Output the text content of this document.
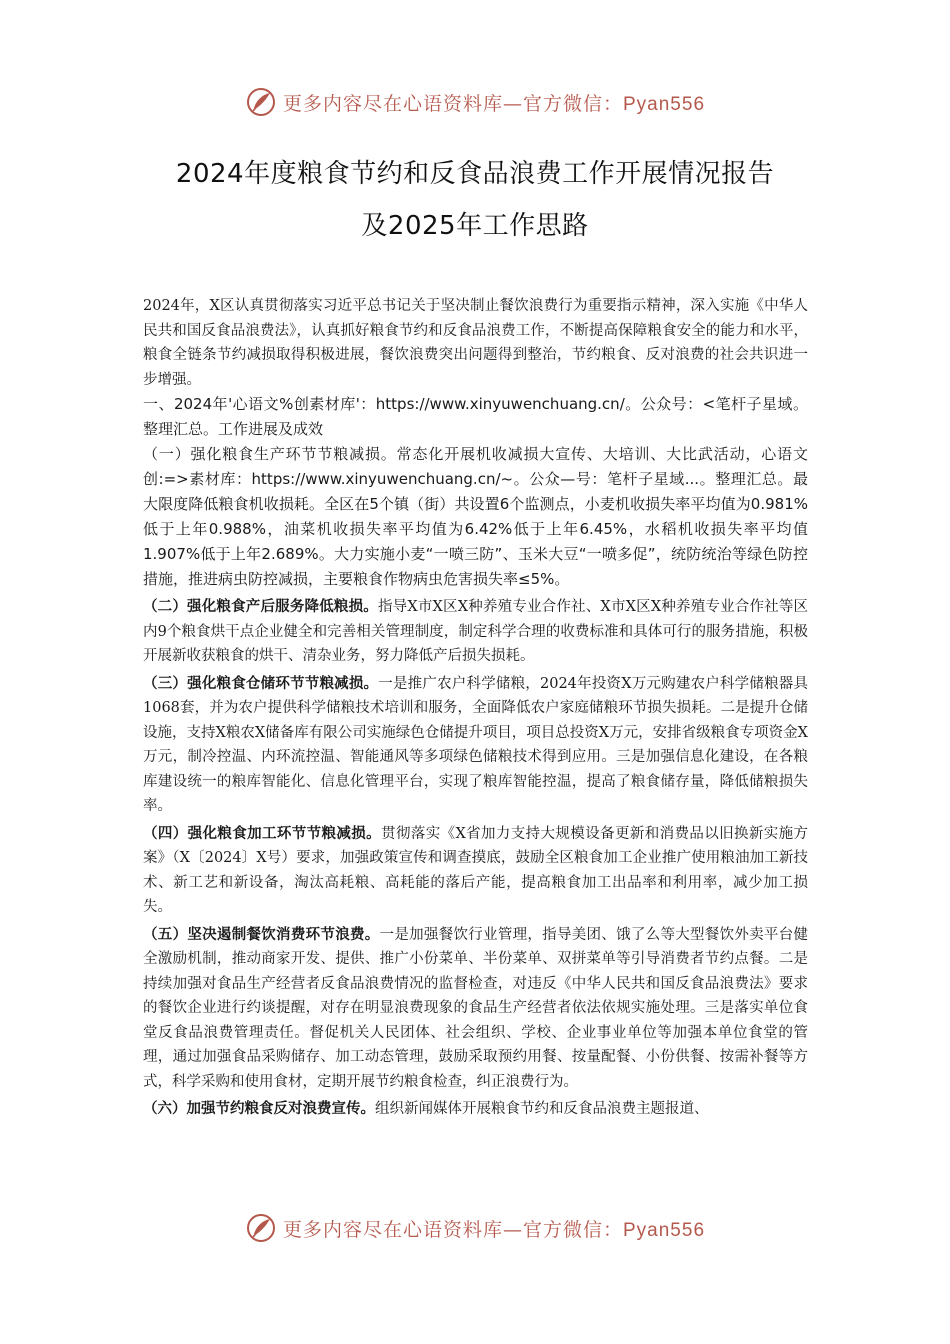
更多内容尽在心语资料库—官方微信：Pyan556
2024年度粮食节约和反食品浪费工作开展情况报告
及2025年工作思路

2024年，X区认真贯彻落实习近平总书记关于坚决制止餐饮浪费行为重要指示精神，深入实施《中华人民共和国反食品浪费法》，认真抓好粮食节约和反食品浪费工作，不断提高保障粮食安全的能力和水平，粮食全链条节约减损取得积极进展，餐饮浪费突出问题得到整治，节约粮食、反对浪费的社会共识进一步增强。

一、2024年'心语文%创素材库'：https://www.xinyuwenchuang.cn/。公众号：<笔杆子星域。整理汇总。工作进展及成效

（一）强化粮食生产环节节粮减损。常态化开展机收减损大宣传、大培训、大比武活动，心语文创:=>素材库：https://www.xinyuwenchuang.cn/~。公众—号：笔杆子星域...。整理汇总。最大限度降低粮食机收损耗。全区在5个镇（街）共设置6个监测点，小麦机收损失率平均值为0.981%低于上年0.988%，油菜机收损失率平均值为6.42%低于上年6.45%，水稻机收损失率平均值1.907%低于上年2.689%。大力实施小麦“一喷三防”、玉米大豆“一喷多促”，统防统治等绿色防控措施，推进病虫防控减损，主要粮食作物病虫危害损失率≤5%。

（二）强化粮食产后服务降低粮损。指导X市X区X种养殖专业合作社、X市X区X种养殖专业合作社等区内9个粮食烘干点企业健全和完善相关管理制度，制定科学合理的收费标准和具体可行的服务措施，积极开展新收获粮食的烘干、清杂业务，努力降低产后损失损耗。

（三）强化粮食仓储环节节粮减损。一是推广农户科学储粮，2024年投资X万元购建农户科学储粮器具1068套，并为农户提供科学储粮技术培训和服务，全面降低农户家庭储粮环节损失损耗。二是提升仓储设施，支持X粮农X储备库有限公司实施绿色仓储提升项目，项目总投资X万元，安排省级粮食专项资金X万元，制冷控温、内环流控温、智能通风等多项绿色储粮技术得到应用。三是加强信息化建设，在各粮库建设统一的粮库智能化、信息化管理平台，实现了粮库智能控温，提高了粮食储存量，降低储粮损失率。

（四）强化粮食加工环节节粮减损。贯彻落实《X省加力支持大规模设备更新和消费品以旧换新实施方案》（X〔2024〕X号）要求，加强政策宣传和调查摸底，鼓励全区粮食加工企业推广使用粮油加工新技术、新工艺和新设备，淘汰高耗粮、高耗能的落后产能，提高粮食加工出品率和利用率，减少加工损失。

（五）坚决遏制餐饮消费环节浪费。一是加强餐饮行业管理，指导美团、饿了么等大型餐饮外卖平台健全激励机制，推动商家开发、提供、推广小份菜单、半份菜单、双拼菜单等引导消费者节约点餐。二是持续加强对食品生产经营者反食品浪费情况的监督检查，对违反《中华人民共和国反食品浪费法》要求的餐饮企业进行约谈提醒，对存在明显浪费现象的食品生产经营者依法依规实施处理。三是落实单位食堂反食品浪费管理责任。督促机关人民团体、社会组织、学校、企业事业单位等加强本单位食堂的管理，通过加强食品采购储存、加工动态管理，鼓励采取预约用餐、按量配餐、小份供餐、按需补餐等方式，科学采购和使用食材，定期开展节约粮食检查，纠正浪费行为。

（六）加强节约粮食反对浪费宣传。组织新闻媒体开展粮食节约和反食品浪费主题报道、

更多内容尽在心语资料库—官方微信：Pyan556
